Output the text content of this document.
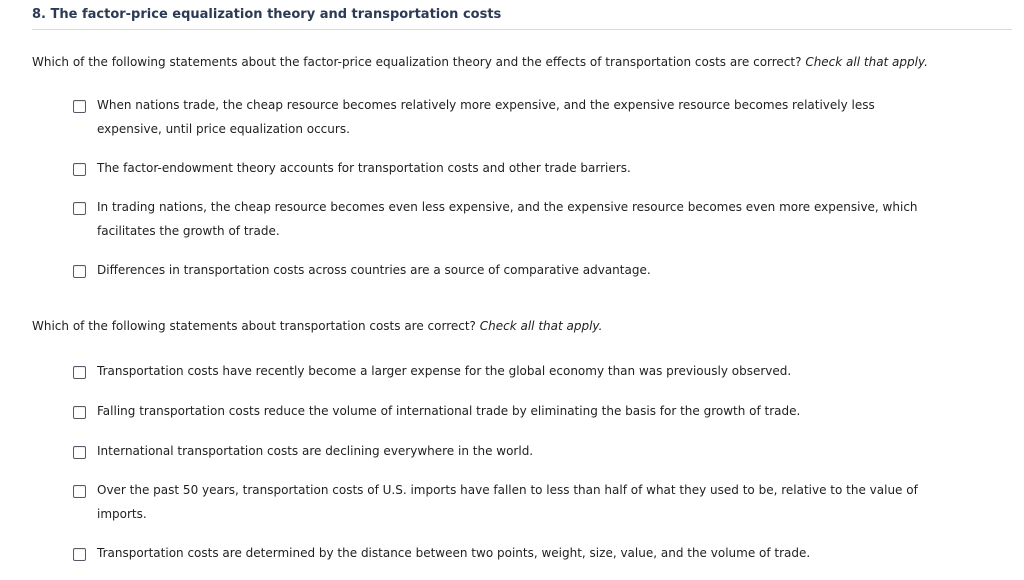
8. The factor-price equalization theory and transportation costs
Which of the following statements about the factor-price equalization theory and the effects of transportation costs are correct? Check all that apply.
When nations trade, the cheap resource becomes relatively more expensive, and the expensive resource becomes relatively less expensive, until price equalization occurs.
The factor-endowment theory accounts for transportation costs and other trade barriers.
In trading nations, the cheap resource becomes even less expensive, and the expensive resource becomes even more expensive, which facilitates the growth of trade.
Differences in transportation costs across countries are a source of comparative advantage.
Which of the following statements about transportation costs are correct? Check all that apply.
Transportation costs have recently become a larger expense for the global economy than was previously observed.
Falling transportation costs reduce the volume of international trade by eliminating the basis for the growth of trade.
International transportation costs are declining everywhere in the world.
Over the past 50 years, transportation costs of U.S. imports have fallen to less than half of what they used to be, relative to the value of imports.
Transportation costs are determined by the distance between two points, weight, size, value, and the volume of trade.
